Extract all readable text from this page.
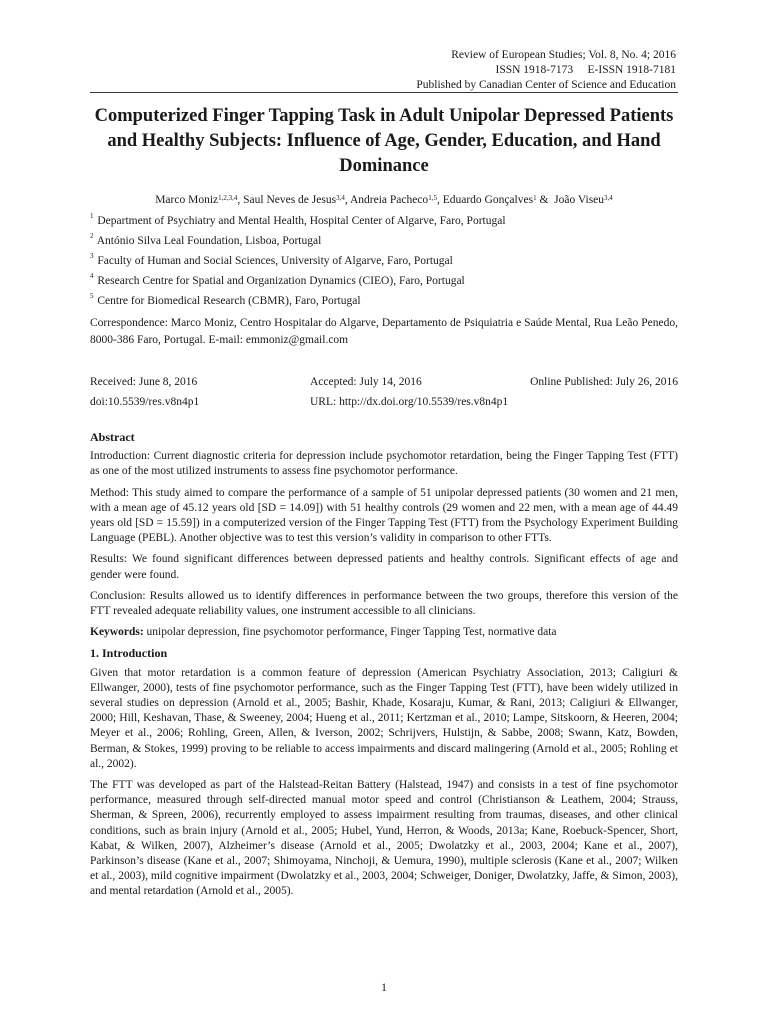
Review of European Studies; Vol. 8, No. 4; 2016
ISSN 1918-7173     E-ISSN 1918-7181
Published by Canadian Center of Science and Education
Computerized Finger Tapping Task in Adult Unipolar Depressed Patients and Healthy Subjects: Influence of Age, Gender, Education, and Hand Dominance
Marco Moniz$^{1,2,3,4}$, Saul Neves de Jesus$^{3,4}$, Andreia Pacheco$^{1,5}$, Eduardo Gonçalves$^1$ &  João Viseu$^{3,4}$
$^1$ Department of Psychiatry and Mental Health, Hospital Center of Algarve, Faro, Portugal
$^2$ António Silva Leal Foundation, Lisboa, Portugal
$^3$ Faculty of Human and Social Sciences, University of Algarve, Faro, Portugal
$^4$ Research Centre for Spatial and Organization Dynamics (CIEO), Faro, Portugal
$^5$ Centre for Biomedical Research (CBMR), Faro, Portugal
Correspondence: Marco Moniz, Centro Hospitalar do Algarve, Departamento de Psiquiatria e Saúde Mental, Rua Leão Penedo, 8000-386 Faro, Portugal. E-mail: emmoniz@gmail.com
Received: June 8, 2016	Accepted: July 14, 2016	Online Published: July 26, 2016
doi:10.5539/res.v8n4p1	URL: http://dx.doi.org/10.5539/res.v8n4p1
Abstract

Introduction: Current diagnostic criteria for depression include psychomotor retardation, being the Finger Tapping Test (FTT) as one of the most utilized instruments to assess fine psychomotor performance.

Method: This study aimed to compare the performance of a sample of 51 unipolar depressed patients (30 women and 21 men, with a mean age of 45.12 years old [SD = 14.09]) with 51 healthy controls (29 women and 22 men, with a mean age of 44.49 years old [SD = 15.59]) in a computerized version of the Finger Tapping Test (FTT) from the Psychology Experiment Building Language (PEBL). Another objective was to test this version’s validity in comparison to other FTTs.

Results: We found significant differences between depressed patients and healthy controls. Significant effects of age and gender were found.

Conclusion: Results allowed us to identify differences in performance between the two groups, therefore this version of the FTT revealed adequate reliability values, one instrument accessible to all clinicians.

Keywords: unipolar depression, fine psychomotor performance, Finger Tapping Test, normative data

1. Introduction

Given that motor retardation is a common feature of depression (American Psychiatry Association, 2013; Caligiuri & Ellwanger, 2000), tests of fine psychomotor performance, such as the Finger Tapping Test (FTT), have been widely utilized in several studies on depression (Arnold et al., 2005; Bashir, Khade, Kosaraju, Kumar, & Rani, 2013; Caligiuri & Ellwanger, 2000; Hill, Keshavan, Thase, & Sweeney, 2004; Hueng et al., 2011; Kertzman et al., 2010; Lampe, Sitskoorn, & Heeren, 2004; Meyer et al., 2006; Rohling, Green, Allen, & Iverson, 2002; Schrijvers, Hulstijn, & Sabbe, 2008; Swann, Katz, Bowden, Berman, & Stokes, 1999) proving to be reliable to access impairments and discard malingering (Arnold et al., 2005; Rohling et al., 2002).

The FTT was developed as part of the Halstead-Reitan Battery (Halstead, 1947) and consists in a test of fine psychomotor performance, measured through self-directed manual motor speed and control (Christianson & Leathem, 2004; Strauss, Sherman, & Spreen, 2006), recurrently employed to assess impairment resulting from traumas, diseases, and other clinical conditions, such as brain injury (Arnold et al., 2005; Hubel, Yund, Herron, & Woods, 2013a; Kane, Roebuck-Spencer, Short, Kabat, & Wilken, 2007), Alzheimer’s disease (Arnold et al., 2005; Dwolatzky et al., 2003, 2004; Kane et al., 2007), Parkinson’s disease (Kane et al., 2007; Shimoyama, Ninchoji, & Uemura, 1990), multiple sclerosis (Kane et al., 2007; Wilken et al., 2003), mild cognitive impairment (Dwolatzky et al., 2003, 2004; Schweiger, Doniger, Dwolatzky, Jaffe, & Simon, 2003), and mental retardation (Arnold et al., 2005).

1
